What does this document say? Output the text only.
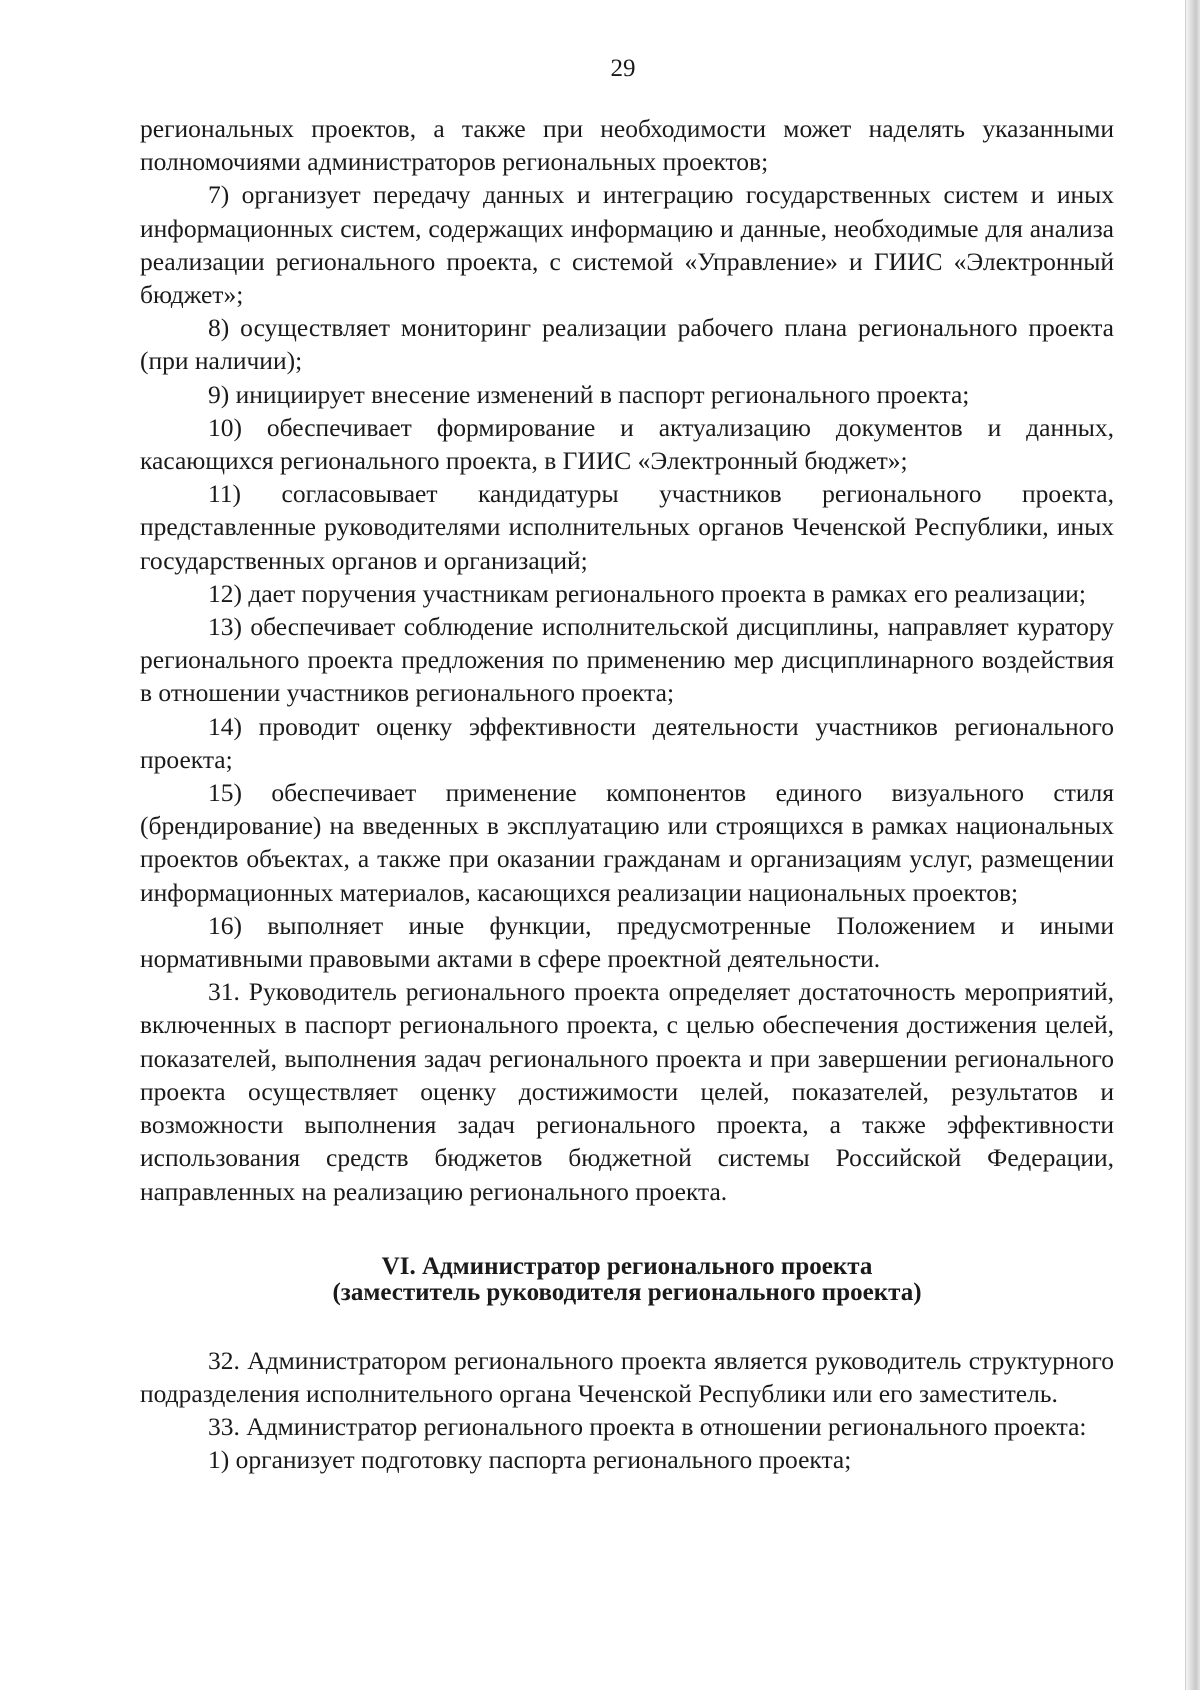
29

региональных проектов, а также при необходимости может наделять указанными полномочиями администраторов региональных проектов;

7) организует передачу данных и интеграцию государственных систем и иных информационных систем, содержащих информацию и данные, необходимые для анализа реализации регионального проекта, с системой «Управление» и ГИИС «Электронный бюджет»;

8) осуществляет мониторинг реализации рабочего плана регионального проекта (при наличии);

9) инициирует внесение изменений в паспорт регионального проекта;

10) обеспечивает формирование и актуализацию документов и данных, касающихся регионального проекта, в ГИИС «Электронный бюджет»;

11) согласовывает кандидатуры участников регионального проекта, представленные руководителями исполнительных органов Чеченской Республики, иных государственных органов и организаций;

12) дает поручения участникам регионального проекта в рамках его реализации;

13) обеспечивает соблюдение исполнительской дисциплины, направляет куратору регионального проекта предложения по применению мер дисциплинарного воздействия в отношении участников регионального проекта;

14) проводит оценку эффективности деятельности участников регионального проекта;

15) обеспечивает применение компонентов единого визуального стиля (брендирование) на введенных в эксплуатацию или строящихся в рамках национальных проектов объектах, а также при оказании гражданам и организациям услуг, размещении информационных материалов, касающихся реализации национальных проектов;

16) выполняет иные функции, предусмотренные Положением и иными нормативными правовыми актами в сфере проектной деятельности.

31. Руководитель регионального проекта определяет достаточность мероприятий, включенных в паспорт регионального проекта, с целью обеспечения достижения целей, показателей, выполнения задач регионального проекта и при завершении регионального проекта осуществляет оценку достижимости целей, показателей, результатов и возможности выполнения задач регионального проекта, а также эффективности использования средств бюджетов бюджетной системы Российской Федерации, направленных на реализацию регионального проекта.

VI. Администратор регионального проекта
(заместитель руководителя регионального проекта)

32. Администратором регионального проекта является руководитель структурного подразделения исполнительного органа Чеченской Республики или его заместитель.

33. Администратор регионального проекта в отношении регионального проекта:

1) организует подготовку паспорта регионального проекта;
